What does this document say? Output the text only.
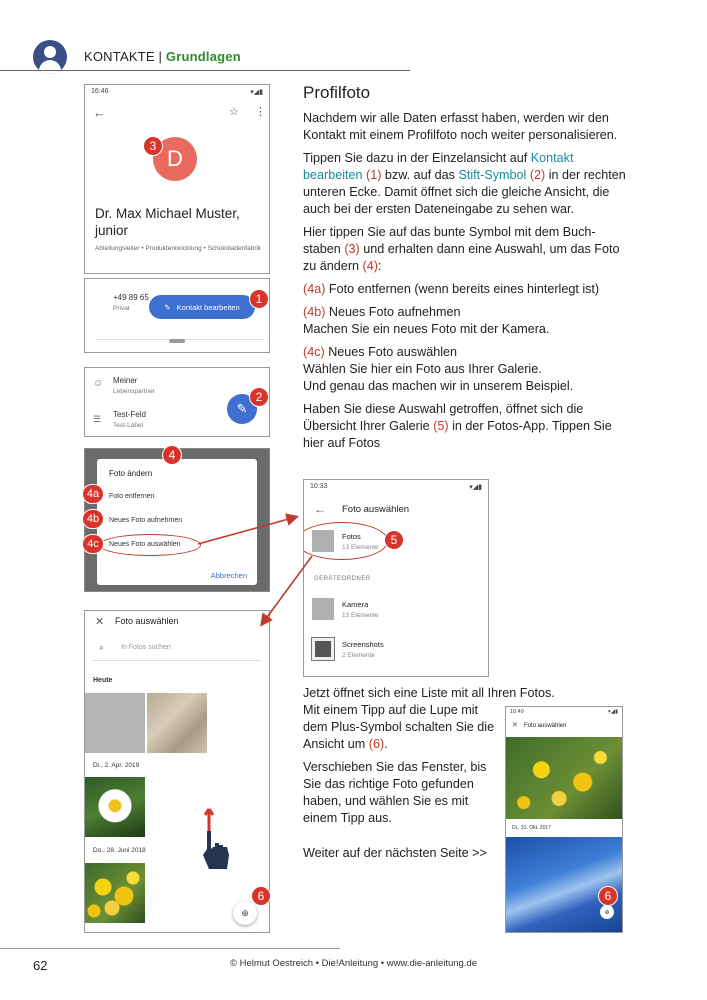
KONTAKTE | Grundlagen
Profilfoto

Nachdem wir alle Daten erfasst haben, werden wir den Kontakt mit einem Profilfoto noch weiter personalisieren.

Tippen Sie dazu in der Einzelansicht auf Kontakt bearbeiten (1) bzw. auf das Stift-Symbol (2) in der rechten unteren Ecke. Damit öffnet sich die gleiche Ansicht, die auch bei der ersten Dateneingabe zu sehen war.

Hier tippen Sie auf das bunte Symbol mit dem Buchstaben (3) und erhalten dann eine Auswahl, um das Foto zu ändern (4):

(4a) Foto entfernen (wenn bereits eines hinterlegt ist)

(4b) Neues Foto aufnehmen
Machen Sie ein neues Foto mit der Kamera.

(4c) Neues Foto auswählen
Wählen Sie hier ein Foto aus Ihrer Galerie.
Und genau das machen wir in unserem Beispiel.

Haben Sie diese Auswahl getroffen, öffnet sich die Übersicht Ihrer Galerie (5) in der Fotos-App. Tippen Sie hier auf Fotos

Jetzt öffnet sich eine Liste mit all Ihren Fotos.

Mit einem Tipp auf die Lupe mit dem Plus-Symbol schalten Sie die Ansicht um (6).

Verschieben Sie das Fenster, bis Sie das richtige Foto gefunden haben, und wählen Sie es mit einem Tipp aus.

Weiter auf der nächsten Seite >>

16:46	▾◢▮
←	☆ ⋮
D
Dr. Max Michael Muster, junior
Abteilungsleiter • Produktentwicklung • Schokoladenfabrik
3
+49 89 65
Privat	✎ Kontakt bearbeiten
1
☺ Meiner
Lebenspartner
☰ Test-Feld
Test-Label
✎
2
Foto ändern
Foto entfernen
Neues Foto aufnehmen
Neues Foto auswählen
Abbrechen
4
4a
4b
4c
10:33	▾◢▮
← Foto auswählen
Fotos
13 Elemente
GERÄTEORDNER
Kamera
13 Elemente
Screenshots
2 Elemente
5
✕ Foto auswählen
⌕ In Fotos suchen
Heute
Di., 2. Apr. 2019
Do., 28. Juni 2018
⊕
6
10:49	▾◢▮
✕ Foto auswählen
Di., 31. Okt. 2017
⊕
6
62	© Helmut Oestreich • Die!Anleitung • www.die-anleitung.de
